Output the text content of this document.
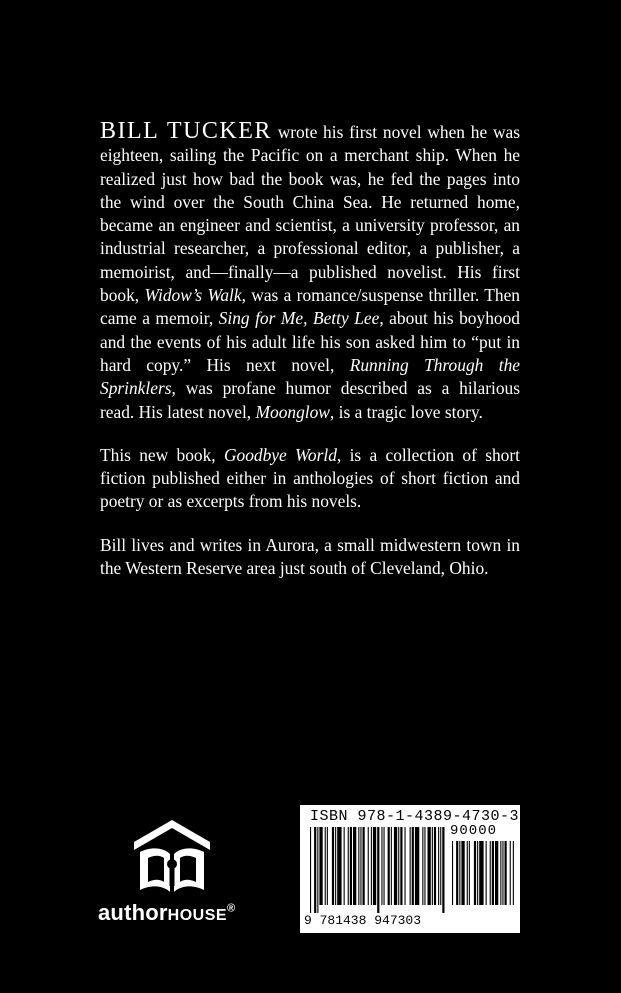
BILL TUCKER wrote his first novel when he was eighteen, sailing the Pacific on a merchant ship. When he realized just how bad the book was, he fed the pages into the wind over the South China Sea. He returned home, became an engineer and scientist, a university professor, an industrial researcher, a professional editor, a publisher, a memoirist, and—finally—a published novelist. His first book, Widow’s Walk, was a romance/suspense thriller. Then came a memoir, Sing for Me, Betty Lee, about his boyhood and the events of his adult life his son asked him to “put in hard copy.” His next novel, Running Through the Sprinklers, was profane humor described as a hilarious read. His latest novel, Moonglow, is a tragic love story.

This new book, Goodbye World, is a collection of short fiction published either in anthologies of short fiction and poetry or as excerpts from his novels.

Bill lives and writes in Aurora, a small midwestern town in the Western Reserve area just south of Cleveland, Ohio.

authorHOUSE®
ISBN 978-1-4389-4730-3
90000
9 781438 947303
